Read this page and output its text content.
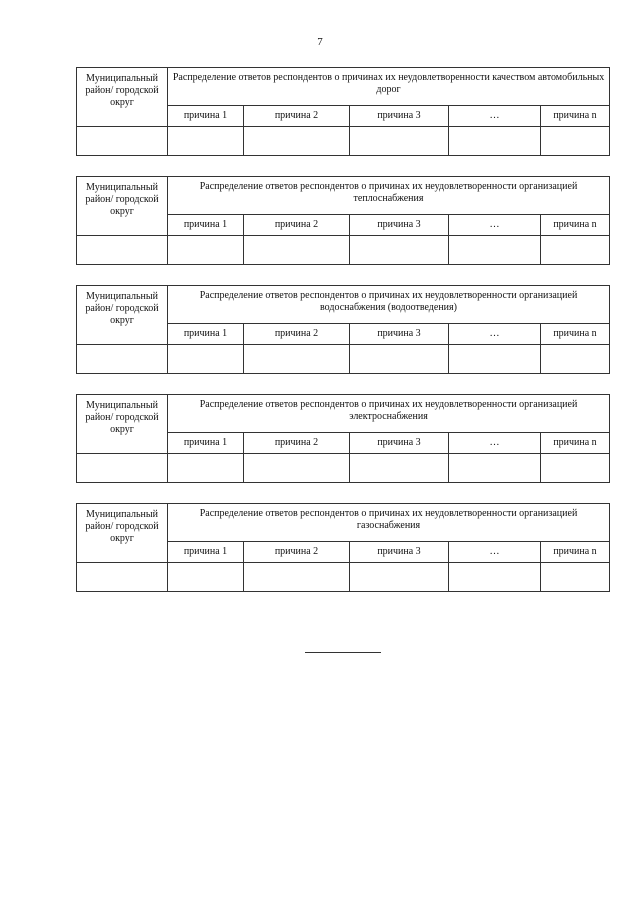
7
Муниципальный район/ городской округ	Распределение ответов респондентов о причинах их неудовлетворенности качеством автомобильных дорог				
	причина 1	причина 2	причина 3	…	причина n

Муниципальный район/ городской округ	Распределение ответов респондентов о причинах их неудовлетворенности организацией теплоснабжения				
	причина 1	причина 2	причина 3	…	причина n

Муниципальный район/ городской округ	Распределение ответов респондентов о причинах их неудовлетворенности организацией водоснабжения (водоотведения)				
	причина 1	причина 2	причина 3	…	причина n

Муниципальный район/ городской округ	Распределение ответов респондентов о причинах их неудовлетворенности организацией электроснабжения				
	причина 1	причина 2	причина 3	…	причина n

Муниципальный район/ городской округ	Распределение ответов респондентов о причинах их неудовлетворенности организацией газоснабжения				
	причина 1	причина 2	причина 3	…	причина n
